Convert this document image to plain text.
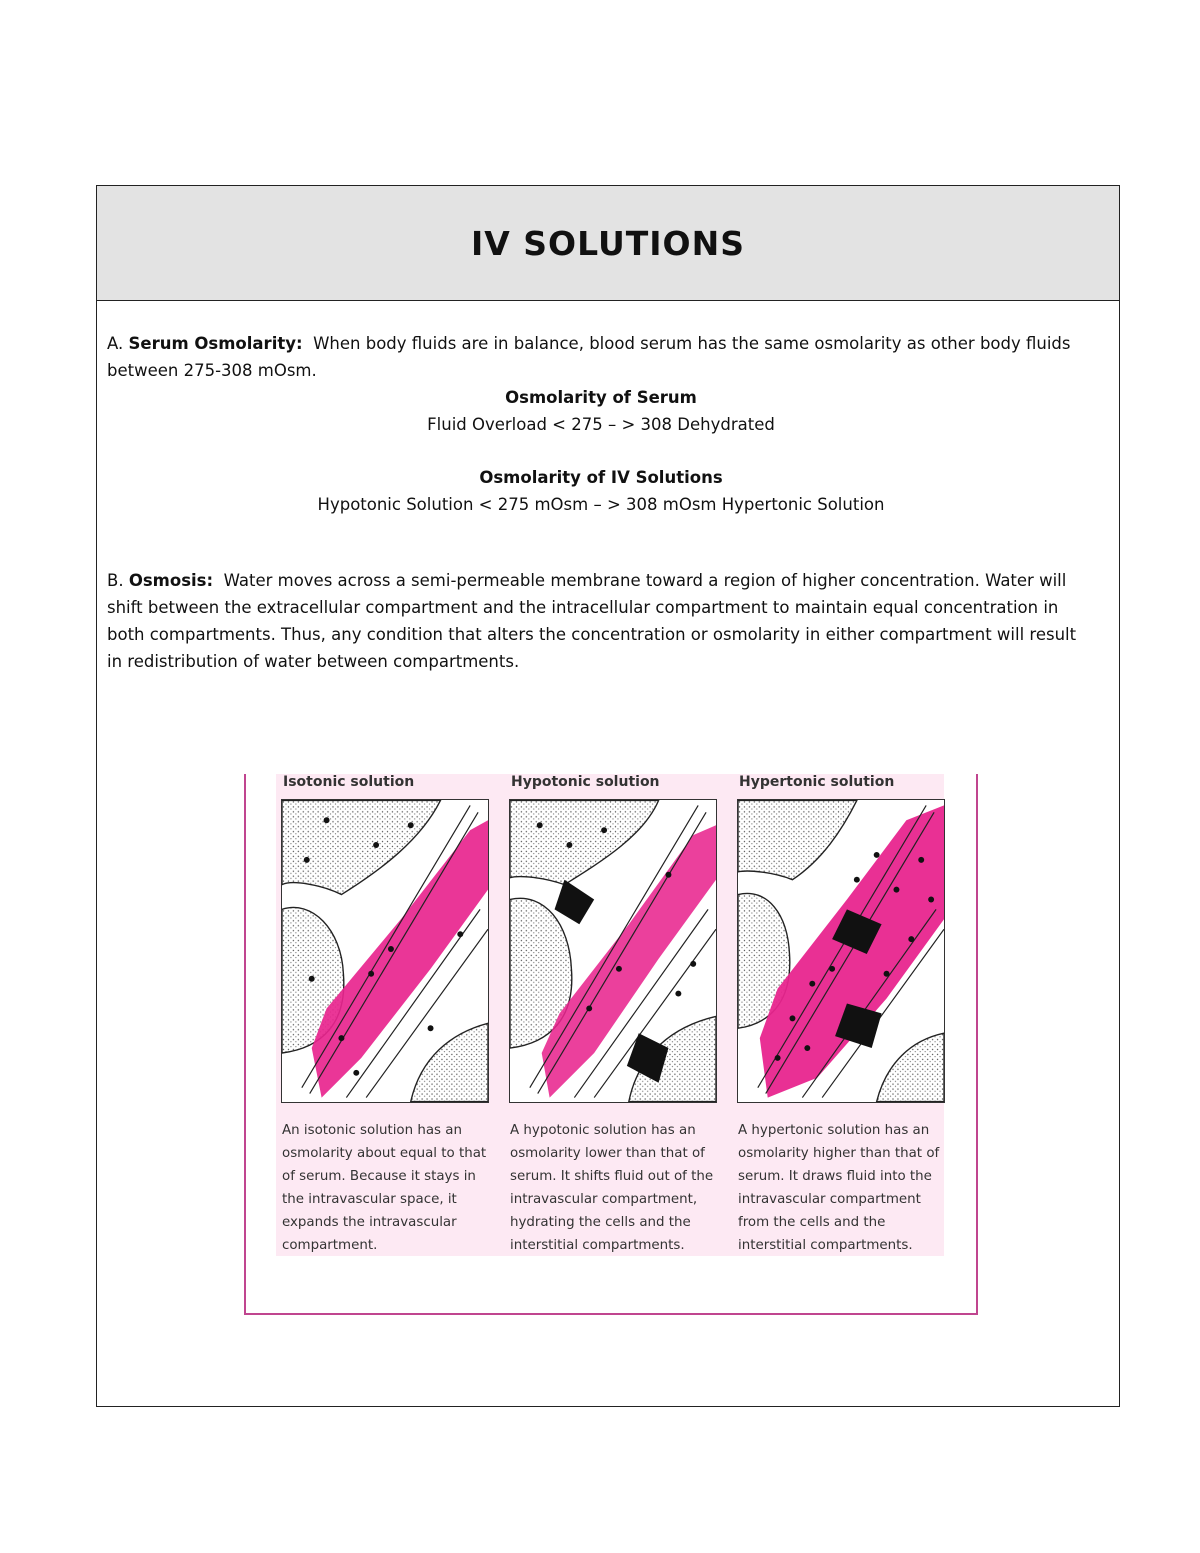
IV SOLUTIONS
A. Serum Osmolarity: When body fluids are in balance, blood serum has the same osmolarity as other body fluids between 275-308 mOsm.
Osmolarity of Serum
Fluid Overload < 275 – > 308 Dehydrated
Osmolarity of IV Solutions
Hypotonic Solution < 275 mOsm – > 308 mOsm Hypertonic Solution
B. Osmosis: Water moves across a semi-permeable membrane toward a region of higher concentration. Water will shift between the extracellular compartment and the intracellular compartment to maintain equal concentration in both compartments. Thus, any condition that alters the concentration or osmolarity in either compartment will result in redistribution of water between compartments.
Isotonic solution
An isotonic solution has an osmolarity about equal to that of serum. Because it stays in the intravascular space, it expands the intravascular compartment.
Hypotonic solution
A hypotonic solution has an osmolarity lower than that of serum. It shifts fluid out of the intravascular compartment, hydrating the cells and the interstitial compartments.
Hypertonic solution
A hypertonic solution has an osmolarity higher than that of serum. It draws fluid into the intravascular compartment from the cells and the interstitial compartments.
